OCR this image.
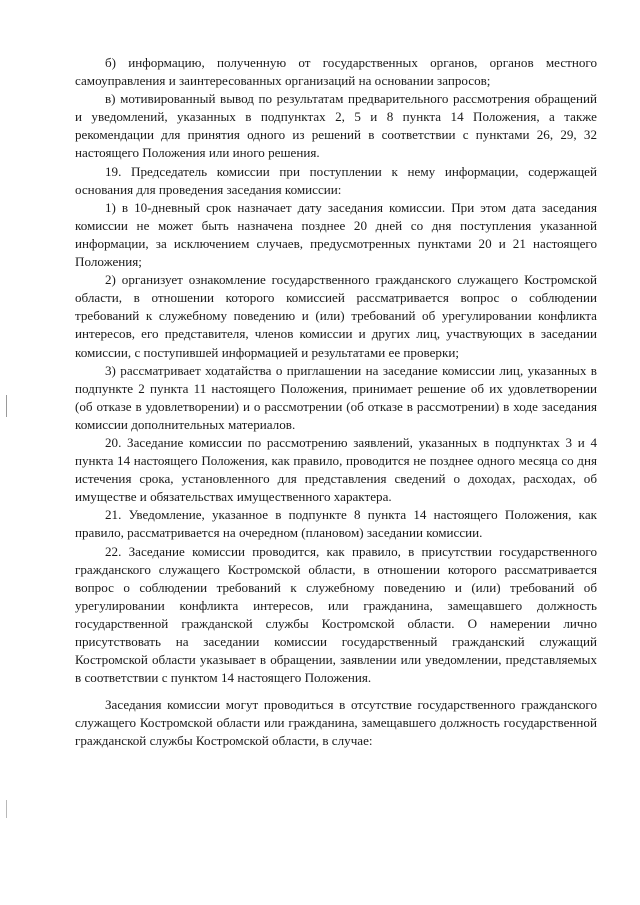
б) информацию, полученную от государственных органов, органов местного самоуправления и заинтересованных организаций на основании запросов;

в) мотивированный вывод по результатам предварительного рассмотрения обращений и уведомлений, указанных в подпунктах 2, 5 и 8 пункта 14 Положения, а также рекомендации для принятия одного из решений в соответствии с пунктами 26, 29, 32 настоящего Положения или иного решения.

19. Председатель комиссии при поступлении к нему информации, содержащей основания для проведения заседания комиссии:

1) в 10-дневный срок назначает дату заседания комиссии. При этом дата заседания комиссии не может быть назначена позднее 20 дней со дня поступления указанной информации, за исключением случаев, предусмотренных пунктами 20 и 21 настоящего Положения;

2) организует ознакомление государственного гражданского служащего Костромской области, в отношении которого комиссией рассматривается вопрос о соблюдении требований к служебному поведению и (или) требований об урегулировании конфликта интересов, его представителя, членов комиссии и других лиц, участвующих в заседании комиссии, с поступившей информацией и результатами ее проверки;

3) рассматривает ходатайства о приглашении на заседание комиссии лиц, указанных в подпункте 2 пункта 11 настоящего Положения, принимает решение об их удовлетворении (об отказе в удовлетворении) и о рассмотрении (об отказе в рассмотрении) в ходе заседания комиссии дополнительных материалов.

20. Заседание комиссии по рассмотрению заявлений, указанных в подпунктах 3 и 4 пункта 14 настоящего Положения, как правило, проводится не позднее одного месяца со дня истечения срока, установленного для представления сведений о доходах, расходах, об имуществе и обязательствах имущественного характера.

21. Уведомление, указанное в подпункте 8 пункта 14 настоящего Положения, как правило, рассматривается на очередном (плановом) заседании комиссии.

22. Заседание комиссии проводится, как правило, в присутствии государственного гражданского служащего Костромской области, в отношении которого рассматривается вопрос о соблюдении требований к служебному поведению и (или) требований об урегулировании конфликта интересов, или гражданина, замещавшего должность государственной гражданской службы Костромской области. О намерении лично присутствовать на заседании комиссии государственный гражданский служащий Костромской области указывает в обращении, заявлении или уведомлении, представляемых в соответствии с пунктом 14 настоящего Положения.

Заседания комиссии могут проводиться в отсутствие государственного гражданского служащего Костромской области или гражданина, замещавшего должность государственной гражданской службы Костромской области, в случае:
